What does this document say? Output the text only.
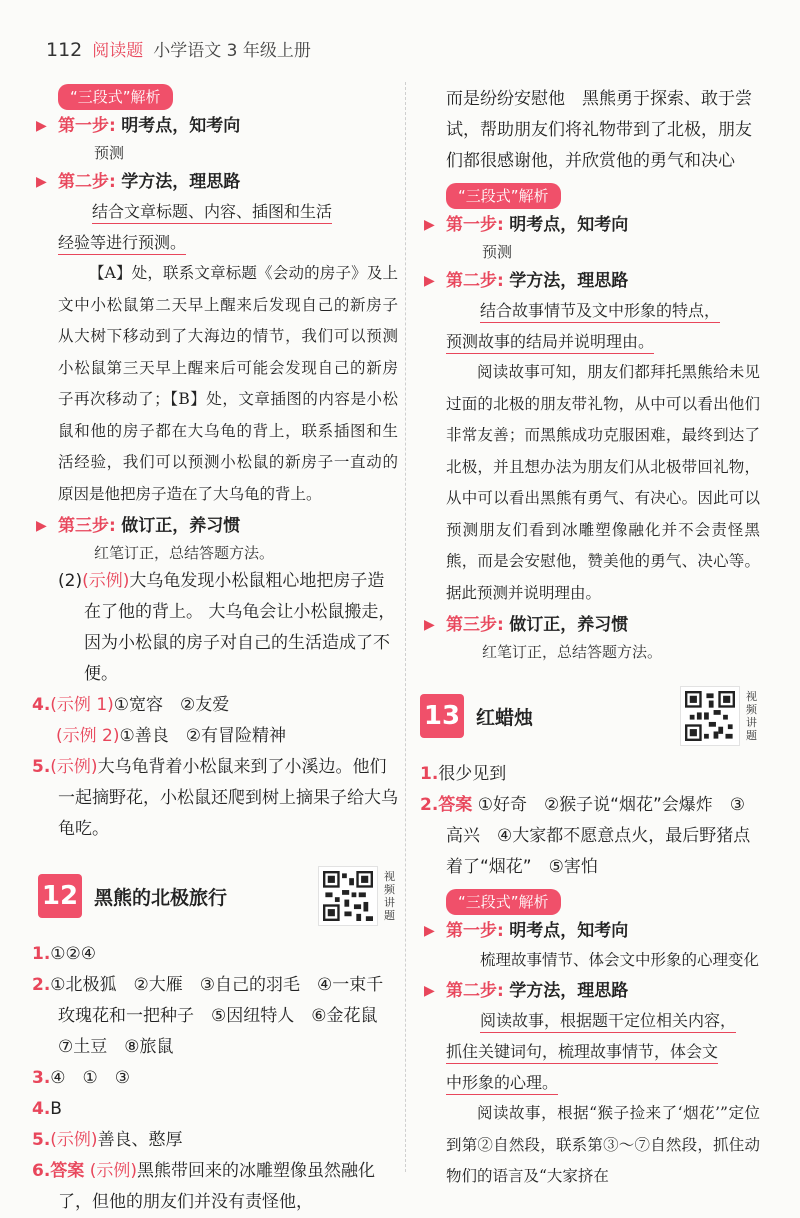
112 阅读题 小学语文 3 年级上册
“三段式”解析
▶ 第一步: 明考点，知考向
预测
▶ 第二步: 学方法，理思路
结合文章标题、内容、插图和生活
经验等进行预测。
【A】处，联系文章标题《会动的房子》及上文中小松鼠第二天早上醒来后发现自己的新房子从大树下移动到了大海边的情节，我们可以预测小松鼠第三天早上醒来后可能会发现自己的新房子再次移动了；【B】处，文章插图的内容是小松鼠和他的房子都在大乌龟的背上，联系插图和生活经验，我们可以预测小松鼠的新房子一直动的原因是他把房子造在了大乌龟的背上。
▶ 第三步: 做订正，养习惯
红笔订正，总结答题方法。
(2)(示例)大乌龟发现小松鼠粗心地把房子造在了他的背上。 大乌龟会让小松鼠搬走，因为小松鼠的房子对自己的生活造成了不便。
4.(示例 1)①宽容　②友爱
(示例 2)①善良　②有冒险精神
5.(示例)大乌龟背着小松鼠来到了小溪边。他们一起摘野花，小松鼠还爬到树上摘果子给大乌龟吃。
12 黑熊的北极旅行
视频讲题
1.①②④
2.①北极狐　②大雁　③自己的羽毛　④一束千玫瑰花和一把种子　⑤因纽特人　⑥金花鼠　⑦土豆　⑧旅鼠
3.④　①　③
4.B
5.(示例)善良、憨厚
6.答案 (示例)黑熊带回来的冰雕塑像虽然融化了，但他的朋友们并没有责怪他，
而是纷纷安慰他　黑熊勇于探索、敢于尝试，帮助朋友们将礼物带到了北极，朋友们都很感谢他，并欣赏他的勇气和决心
“三段式”解析
▶ 第一步: 明考点，知考向
预测
▶ 第二步: 学方法，理思路
结合故事情节及文中形象的特点，
预测故事的结局并说明理由。
阅读故事可知，朋友们都拜托黑熊给未见过面的北极的朋友带礼物，从中可以看出他们非常友善；而黑熊成功克服困难，最终到达了北极，并且想办法为朋友们从北极带回礼物，从中可以看出黑熊有勇气、有决心。因此可以预测朋友们看到冰雕塑像融化并不会责怪黑熊，而是会安慰他，赞美他的勇气、决心等。据此预测并说明理由。
▶ 第三步: 做订正，养习惯
红笔订正，总结答题方法。
13 红蜡烛
视频讲题
1.很少见到
2.答案 ①好奇　②猴子说“烟花”会爆炸　③高兴　④大家都不愿意点火，最后野猪点着了“烟花”　⑤害怕
“三段式”解析
▶ 第一步: 明考点，知考向
梳理故事情节、体会文中形象的心理变化
▶ 第二步: 学方法，理思路
阅读故事，根据题干定位相关内容，
抓住关键词句，梳理故事情节，体会文
中形象的心理。
阅读故事，根据“猴子捡来了‘烟花’”定位到第②自然段，联系第③～⑦自然段，抓住动物们的语言及“大家挤在
